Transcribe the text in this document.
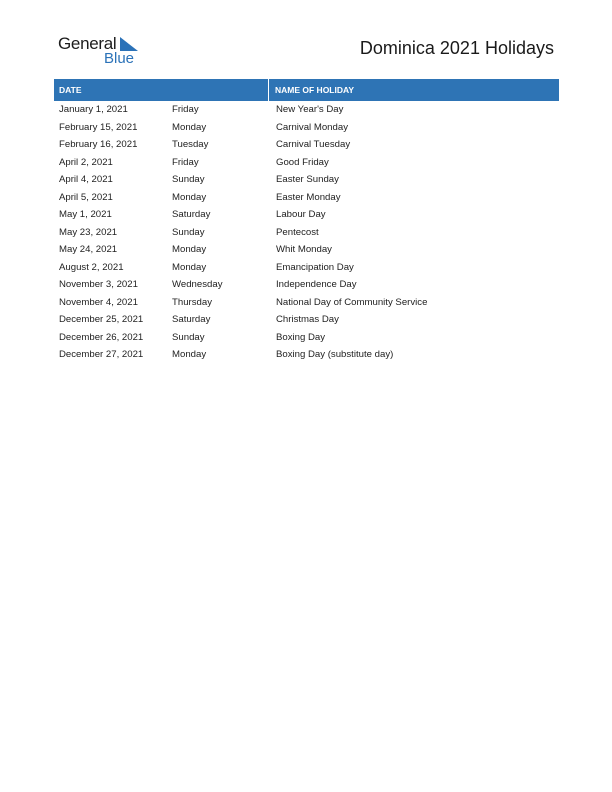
General
Blue
Dominica 2021 Holidays
DATE	NAME OF HOLIDAY
January 1, 2021	Friday	New Year's Day
February 15, 2021	Monday	Carnival Monday
February 16, 2021	Tuesday	Carnival Tuesday
April 2, 2021	Friday	Good Friday
April 4, 2021	Sunday	Easter Sunday
April 5, 2021	Monday	Easter Monday
May 1, 2021	Saturday	Labour Day
May 23, 2021	Sunday	Pentecost
May 24, 2021	Monday	Whit Monday
August 2, 2021	Monday	Emancipation Day
November 3, 2021	Wednesday	Independence Day
November 4, 2021	Thursday	National Day of Community Service
December 25, 2021	Saturday	Christmas Day
December 26, 2021	Sunday	Boxing Day
December 27, 2021	Monday	Boxing Day (substitute day)
